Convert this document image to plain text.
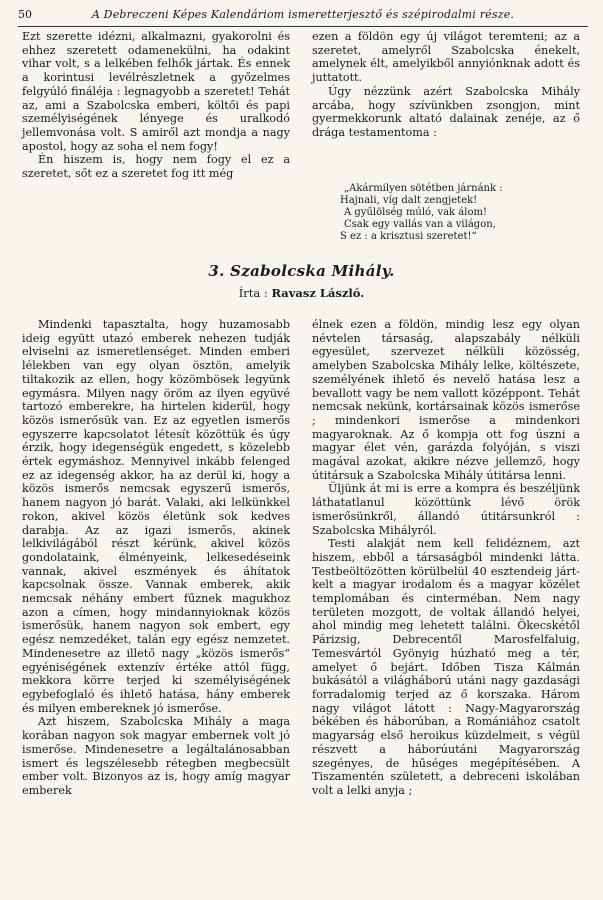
50	A Debreczeni Képes Kalendáriom ismeretterjesztő és szépirodalmi része.

Ezt szerette idézni, alkalmazni, gyakorolni és ehhez szeretett odamenekülni, ha odakint vihar volt, s a lelkében felhők jártak. És ennek a korintusi levélrészletnek a győzelmes felgyúló fináléja : legnagyobb a szeretet! Tehát az, ami a Szabolcska emberi, költői és papi személyiségének lényege és uralkodó jellemvonása volt. S amiről azt mondja a nagy apostol, hogy az soha el nem fogy!

Én hiszem is, hogy nem fogy el ez a szeretet, sőt ez a szeretet fog itt még

ezen a földön egy új világot teremteni; az a szeretet, amelyről Szabolcska énekelt, amelynek élt, amelyikből annyiónknak adott és juttatott.

Úgy nézzünk azért Szabolcska Mihály arcába, hogy szívünkben zsongjon, mint gyermekkorunk altató dalainak zenéje, az ő drága testamentoma :

„Akármilyen sötétben járnánk :
Hajnali, víg dalt zengjetek!
A gyűlölség múló, vak álom!
Csak egy vallás van a világon,
S ez : a krisztusi szeretet!“
3. Szabolcska Mihály.
Írta : Ravasz László.

Mindenki tapasztalta, hogy huzamosabb ideig együtt utazó emberek nehezen tudják elviselni az ismeretlenséget. Minden emberi lélekben van egy olyan ösztön, amelyik tiltakozik az ellen, hogy közömbösek legyünk egymásra. Milyen nagy öröm az ilyen együvé tartozó emberekre, ha hirtelen kiderül, hogy közös ismerősük van. Ez az egyetlen ismerős egyszerre kapcsolatot létesít közöttük és úgy érzik, hogy idegenségük engedett, s közelebb értek egymáshoz. Mennyivel inkább felenged ez az idegenség akkor, ha az derül ki, hogy a közös ismerős nemcsak egyszerű ismerős, hanem nagyon jó barát. Valaki, aki lelkünkkel rokon, akivel közös életünk sok kedves darabja. Az az igazi ismerős, akinek lelkivilágából részt kérünk, akivel közös gondolataink, élményeink, lelkesedéseink vannak, akivel eszmények és áhítatok kapcsolnak össze. Vannak emberek, akik nemcsak néhány embert fűznek magukhoz azon a címen, hogy mindannyioknak közös ismerősük, hanem nagyon sok embert, egy egész nemzedéket, talán egy egész nemzetet. Mindenesetre az illető nagy „közös ismerős“ egyéniségének extenzív értéke attól függ, mekkora körre terjed ki személyiségének egybefoglaló és ihlető hatása, hány emberek és milyen embereknek jó ismerőse.

Azt hiszem, Szabolcska Mihály a maga korában nagyon sok magyar embernek volt jó ismerőse. Mindenesetre a legáltalánosabban ismert és legszélesebb rétegben megbecsült ember volt. Bizonyos az is, hogy amíg magyar emberek

élnek ezen a földön, mindig lesz egy olyan névtelen társaság, alapszabály nélküli egyesület, szervezet nélküli közösség, amelyben Szabolcska Mihály lelke, költészete, személyének ihlető és nevelő hatása lesz a bevallott vagy be nem vallott középpont. Tehát nemcsak nekünk, kortársainak közös ismerőse ; mindenkori ismerőse a mindenkori magyaroknak. Az ő kompja ott fog úszni a magyar élet vén, garázda folyóján, s viszi magával azokat, akikre nézve jellemző, hogy útitársuk a Szabolcska Mihály útitársa lenni.

Üljünk át mi is erre a kompra és beszéljünk láthatatlanul közöttünk lévő örök ismerősünkről, állandó útitársunkról : Szabolcska Mihályról.

Testi alakját nem kell felidéznem, azt hiszem, ebből a társaságból mindenki látta. Testbeöltözötten körülbelül 40 esztendeig járt-kelt a magyar irodalom és a magyar közélet templomában és cinterméban. Nem nagy területen mozgott, de voltak állandó helyei, ahol mindig meg lehetett találni. Ökecskétől Párizsig, Debrecentől Marosfelfaluig, Temesvártól Gyönyig húzható meg a tér, amelyet ő bejárt. Időben Tisza Kálmán bukásától a világháború utáni nagy gazdasági forradalomig terjed az ő korszaka. Három nagy világot látott : Nagy-Magyarország békében és háborúban, a Romániához csatolt magyarság első heroikus küzdelmeit, s végül részvett a háborúutáni Magyarország szegényes, de hűséges megépítésében. A Tiszamentén született, a debreceni iskolában volt a lelki anyja ;
